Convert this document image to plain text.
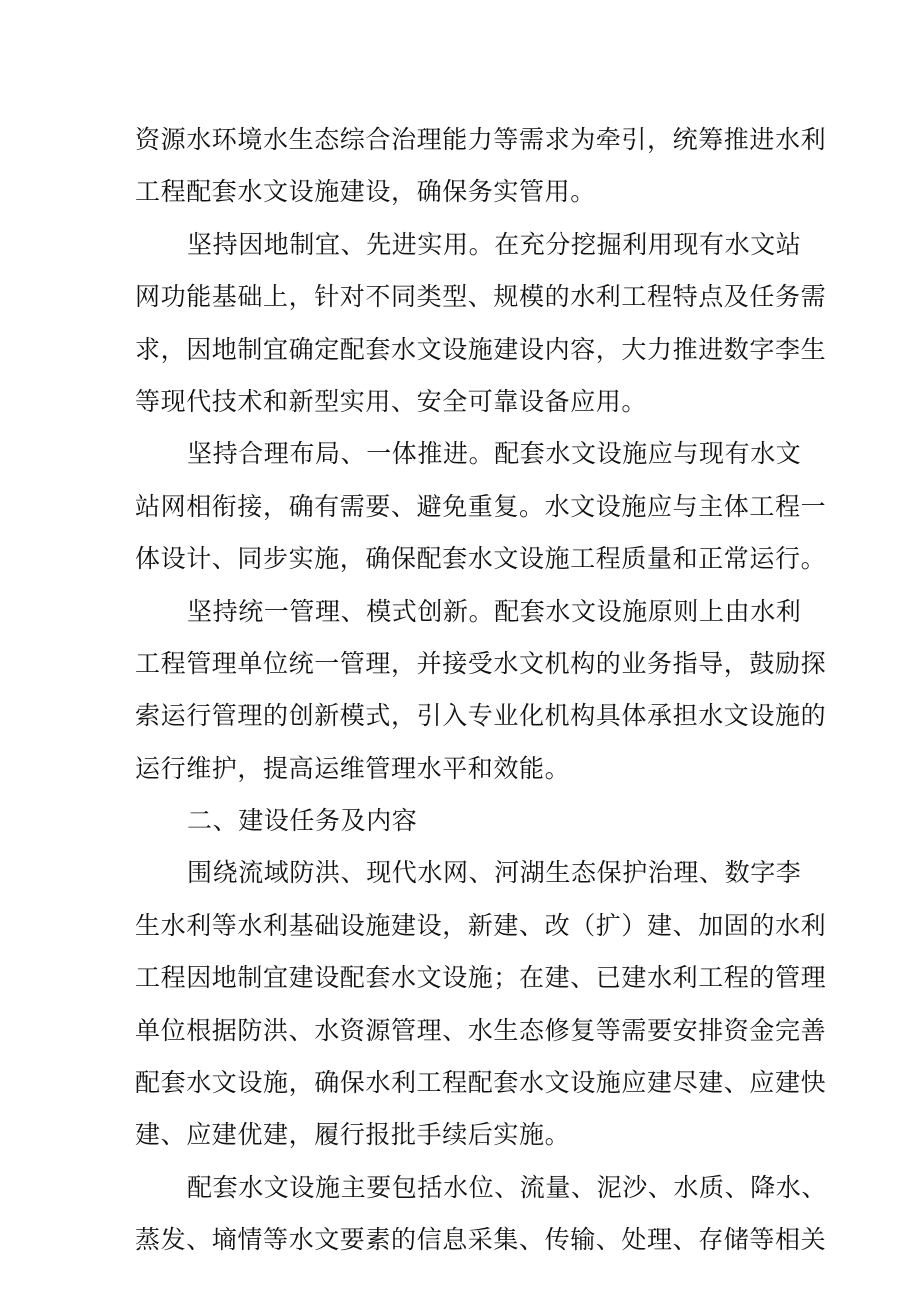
资源水环境水生态综合治理能力等需求为牵引，统筹推进水利
工程配套水文设施建设，确保务实管用。
坚持因地制宜、先进实用。在充分挖掘利用现有水文站
网功能基础上，针对不同类型、规模的水利工程特点及任务需
求，因地制宜确定配套水文设施建设内容，大力推进数字李生
等现代技术和新型实用、安全可靠设备应用。
坚持合理布局、一体推进。配套水文设施应与现有水文
站网相衔接，确有需要、避免重复。水文设施应与主体工程一
体设计、同步实施，确保配套水文设施工程质量和正常运行。
坚持统一管理、模式创新。配套水文设施原则上由水利
工程管理单位统一管理，并接受水文机构的业务指导，鼓励探
索运行管理的创新模式，引入专业化机构具体承担水文设施的
运行维护，提高运维管理水平和效能。
二、建设任务及内容
围绕流域防洪、现代水网、河湖生态保护治理、数字李
生水利等水利基础设施建设，新建、改（扩）建、加固的水利
工程因地制宜建设配套水文设施；在建、已建水利工程的管理
单位根据防洪、水资源管理、水生态修复等需要安排资金完善
配套水文设施，确保水利工程配套水文设施应建尽建、应建快
建、应建优建，履行报批手续后实施。
配套水文设施主要包括水位、流量、泥沙、水质、降水、
蒸发、墒情等水文要素的信息采集、传输、处理、存储等相关
